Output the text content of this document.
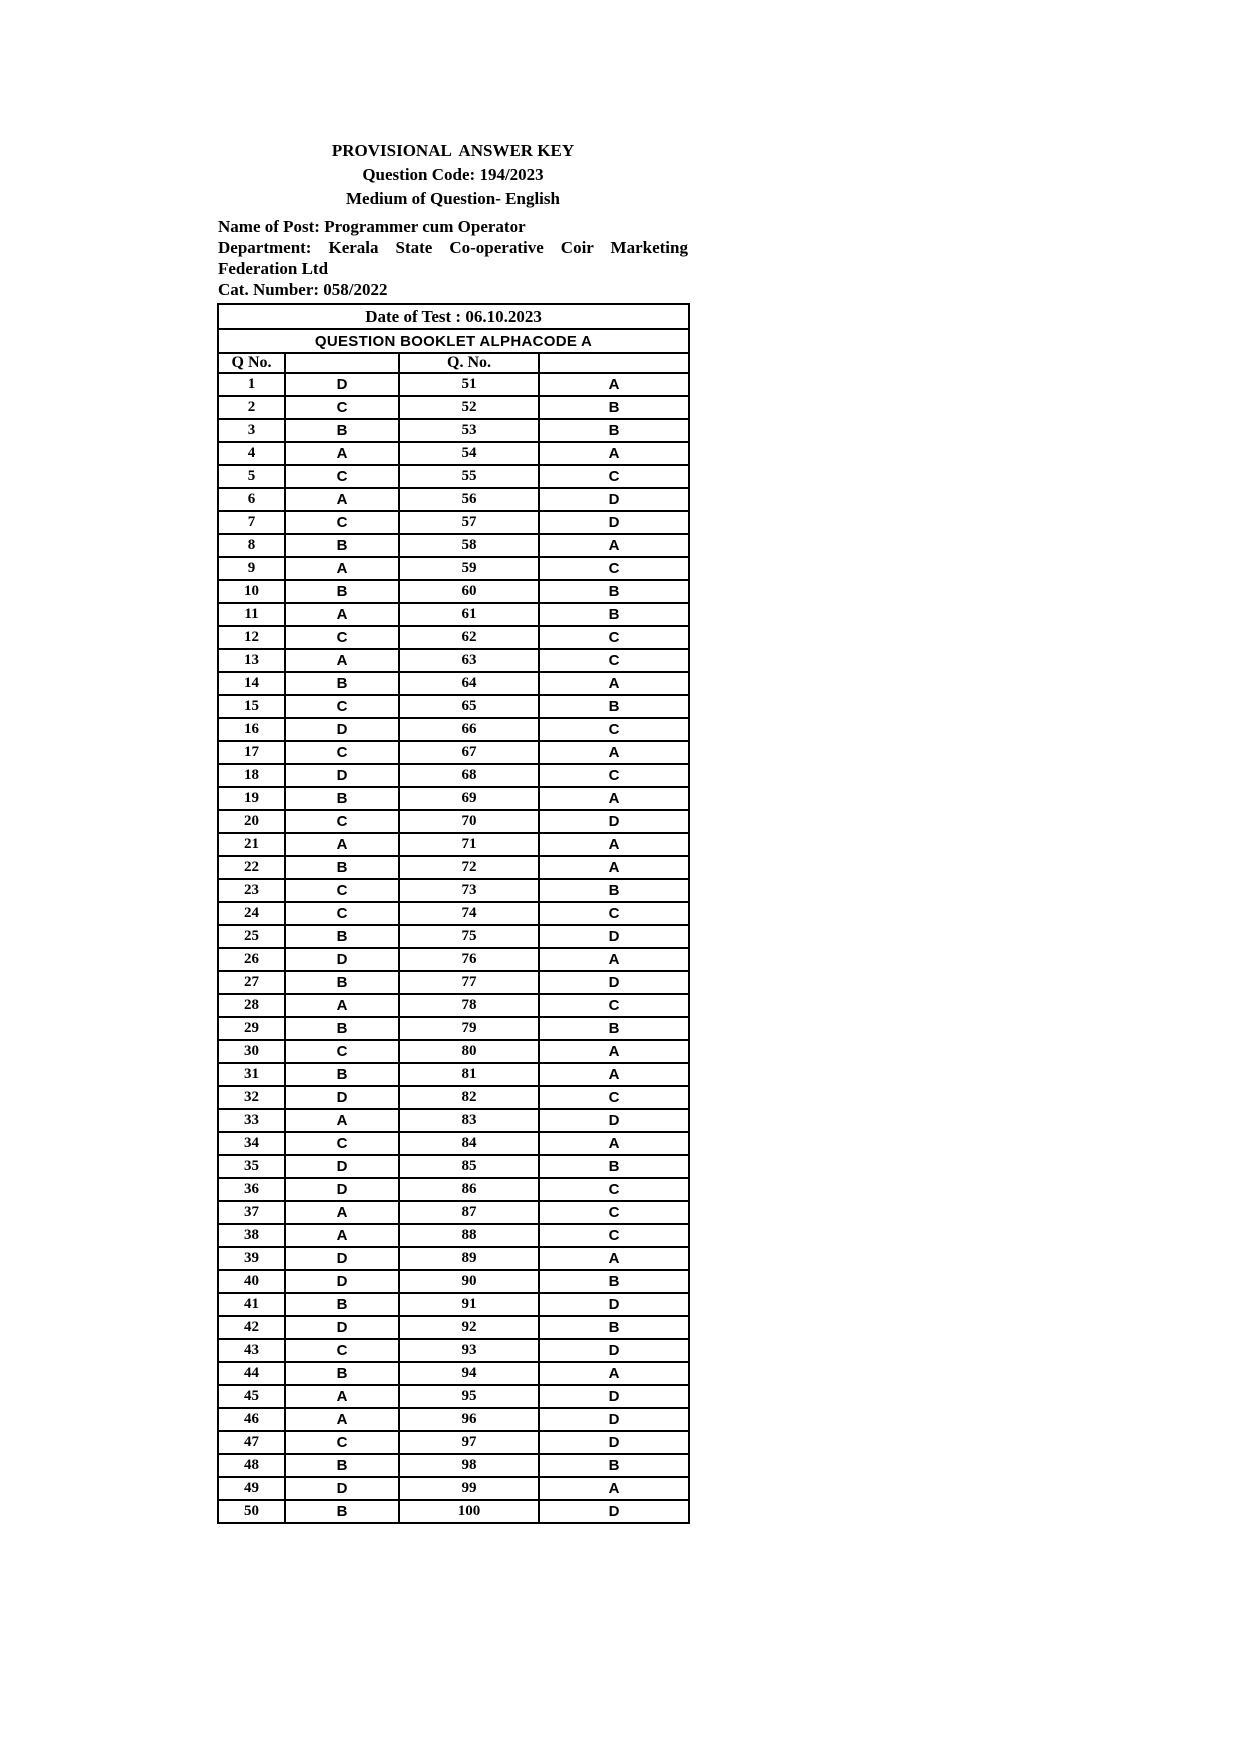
PROVISIONAL  ANSWER KEY
Question Code: 194/2023
Medium of Question- English

Name of Post: Programmer cum Operator

Department: Kerala State Co-operative Coir Marketing Federation Ltd

Cat. Number: 058/2022

Date of Test : 06.10.2023			
QUESTION BOOKLET ALPHACODE A			
Q No.		Q. No.	
1	D	51	A
2	C	52	B
3	B	53	B
4	A	54	A
5	C	55	C
6	A	56	D
7	C	57	D
8	B	58	A
9	A	59	C
10	B	60	B
11	A	61	B
12	C	62	C
13	A	63	C
14	B	64	A
15	C	65	B
16	D	66	C
17	C	67	A
18	D	68	C
19	B	69	A
20	C	70	D
21	A	71	A
22	B	72	A
23	C	73	B
24	C	74	C
25	B	75	D
26	D	76	A
27	B	77	D
28	A	78	C
29	B	79	B
30	C	80	A
31	B	81	A
32	D	82	C
33	A	83	D
34	C	84	A
35	D	85	B
36	D	86	C
37	A	87	C
38	A	88	C
39	D	89	A
40	D	90	B
41	B	91	D
42	D	92	B
43	C	93	D
44	B	94	A
45	A	95	D
46	A	96	D
47	C	97	D
48	B	98	B
49	D	99	A
50	B	100	D
